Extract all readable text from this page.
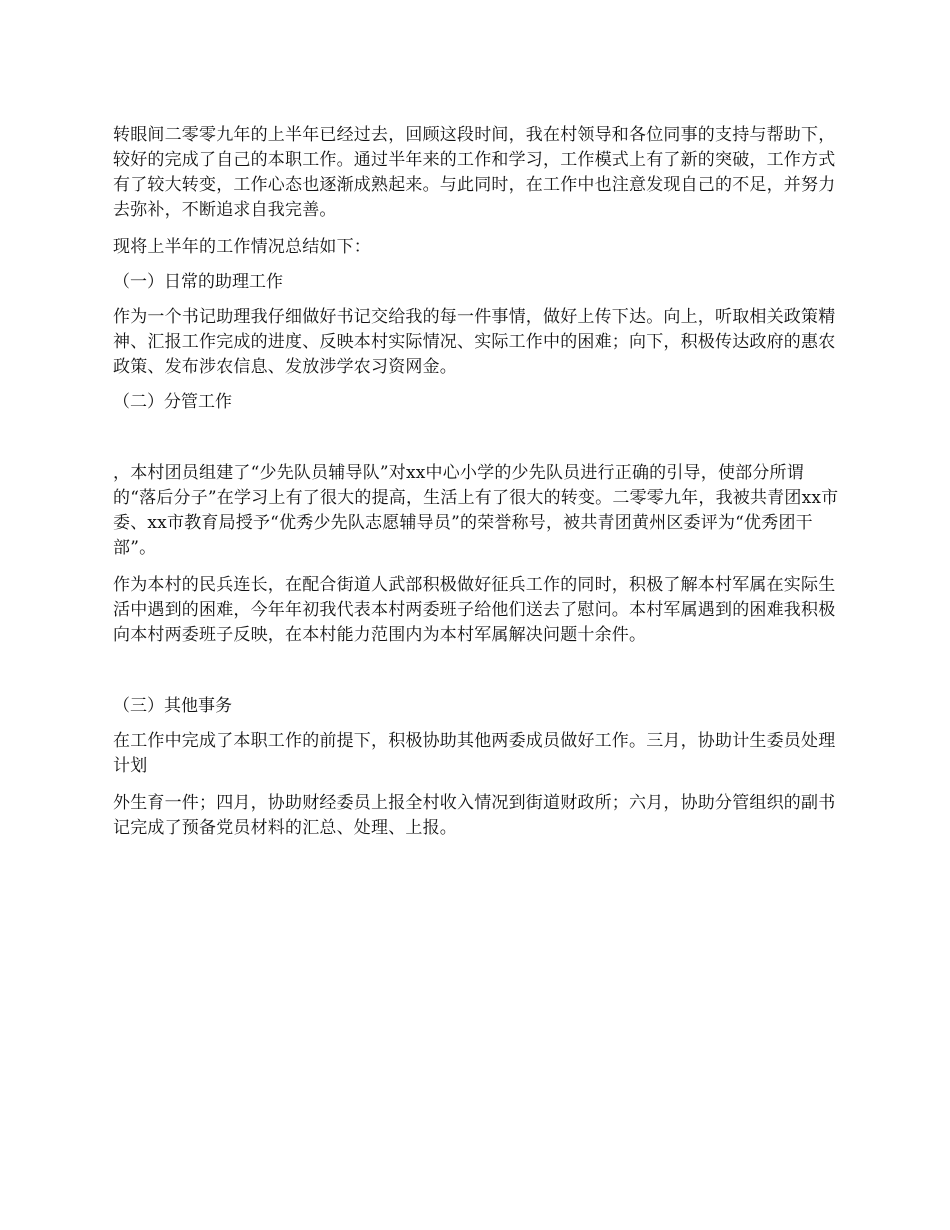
转眼间二零零九年的上半年已经过去，回顾这段时间，我在村领导和各位同事的支持与帮助下，较好的完成了自己的本职工作。通过半年来的工作和学习，工作模式上有了新的突破，工作方式有了较大转变，工作心态也逐渐成熟起来。与此同时，在工作中也注意发现自己的不足，并努力去弥补，不断追求自我完善。

现将上半年的工作情况总结如下：

（一）日常的助理工作

作为一个书记助理我仔细做好书记交给我的每一件事情，做好上传下达。向上，听取相关政策精神、汇报工作完成的进度、反映本村实际情况、实际工作中的困难；向下，积极传达政府的惠农政策、发布涉农信息、发放涉学农习资网金。

（二）分管工作

，本村团员组建了“少先队员辅导队”对xx中心小学的少先队员进行正确的引导，使部分所谓的“落后分子”在学习上有了很大的提高，生活上有了很大的转变。二零零九年，我被共青团xx市委、xx市教育局授予“优秀少先队志愿辅导员”的荣誉称号，被共青团黄州区委评为“优秀团干部”。

作为本村的民兵连长，在配合街道人武部积极做好征兵工作的同时，积极了解本村军属在实际生活中遇到的困难，今年年初我代表本村两委班子给他们送去了慰问。本村军属遇到的困难我积极向本村两委班子反映，在本村能力范围内为本村军属解决问题十余件。

（三）其他事务

在工作中完成了本职工作的前提下，积极协助其他两委成员做好工作。三月，协助计生委员处理计划

外生育一件；四月，协助财经委员上报全村收入情况到街道财政所；六月，协助分管组织的副书记完成了预备党员材料的汇总、处理、上报。
